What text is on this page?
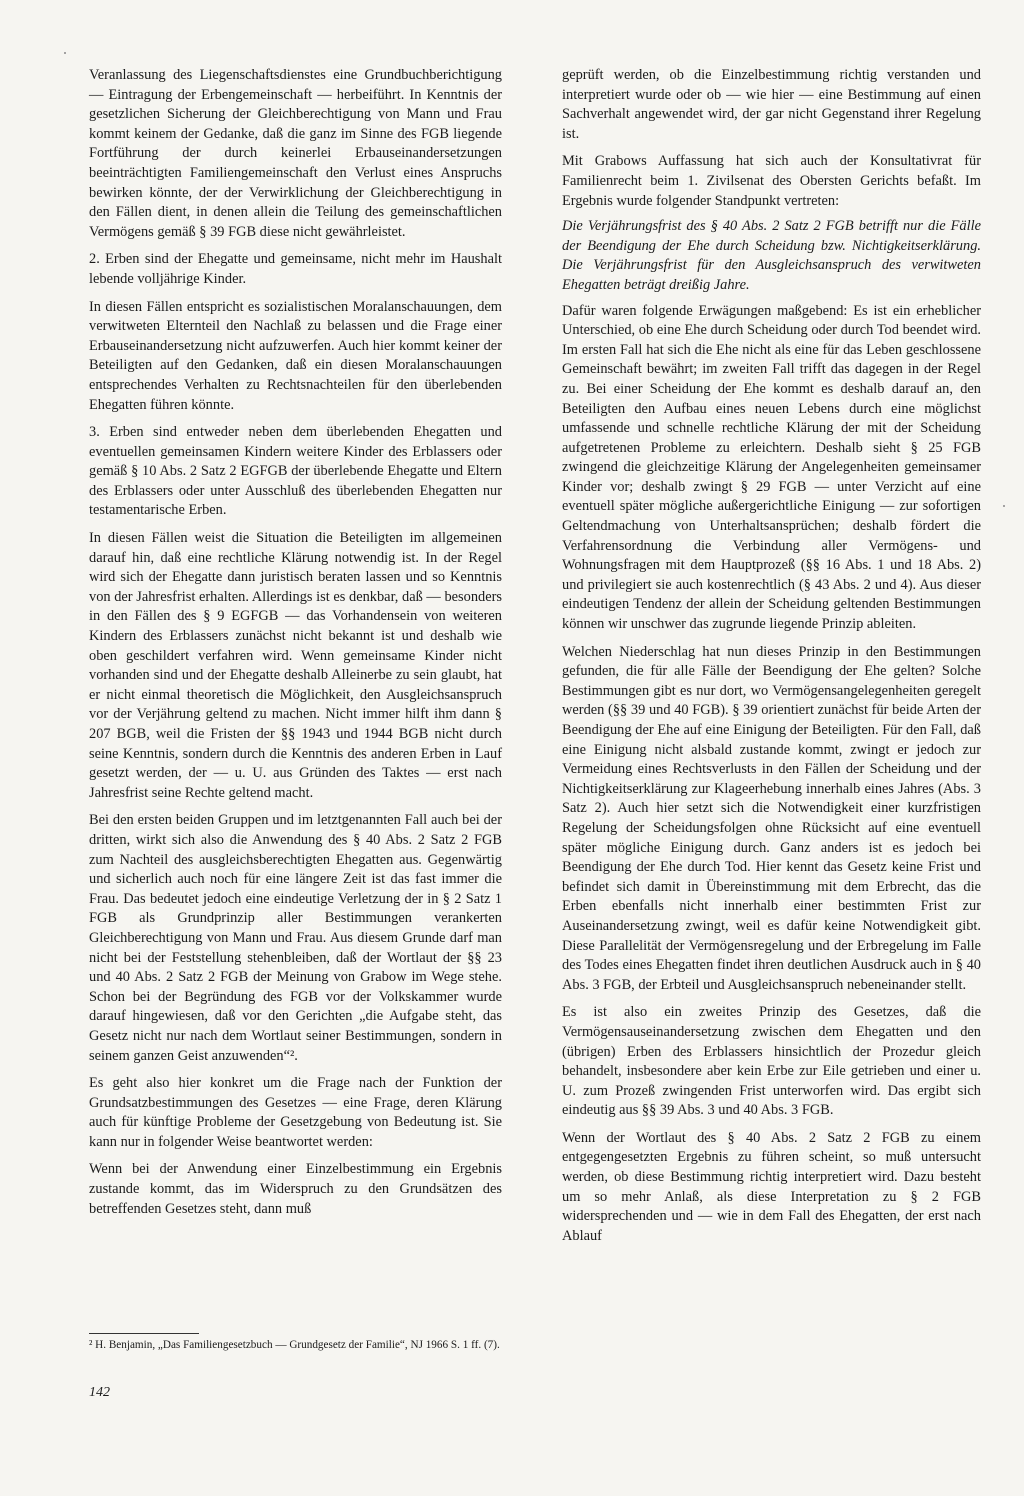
Veranlassung des Liegenschaftsdienstes eine Grundbuchberichtigung — Eintragung der Erbengemeinschaft — herbeiführt. In Kenntnis der gesetzlichen Sicherung der Gleichberechtigung von Mann und Frau kommt keinem der Gedanke, daß die ganz im Sinne des FGB liegende Fortführung der durch keinerlei Erbauseinandersetzungen beeinträchtigten Familiengemeinschaft den Verlust eines Anspruchs bewirken könnte, der der Verwirklichung der Gleichberechtigung in den Fällen dient, in denen allein die Teilung des gemeinschaftlichen Vermögens gemäß § 39 FGB diese nicht gewährleistet.

2. Erben sind der Ehegatte und gemeinsame, nicht mehr im Haushalt lebende volljährige Kinder.

In diesen Fällen entspricht es sozialistischen Moralanschauungen, dem verwitweten Elternteil den Nachlaß zu belassen und die Frage einer Erbauseinandersetzung nicht aufzuwerfen. Auch hier kommt keiner der Beteiligten auf den Gedanken, daß ein diesen Moralanschauungen entsprechendes Verhalten zu Rechtsnachteilen für den überlebenden Ehegatten führen könnte.

3. Erben sind entweder neben dem überlebenden Ehegatten und eventuellen gemeinsamen Kindern weitere Kinder des Erblassers oder gemäß § 10 Abs. 2 Satz 2 EGFGB der überlebende Ehegatte und Eltern des Erblassers oder unter Ausschluß des überlebenden Ehegatten nur testamentarische Erben.

In diesen Fällen weist die Situation die Beteiligten im allgemeinen darauf hin, daß eine rechtliche Klärung notwendig ist. In der Regel wird sich der Ehegatte dann juristisch beraten lassen und so Kenntnis von der Jahresfrist erhalten. Allerdings ist es denkbar, daß — besonders in den Fällen des § 9 EGFGB — das Vorhandensein von weiteren Kindern des Erblassers zunächst nicht bekannt ist und deshalb wie oben geschildert verfahren wird. Wenn gemeinsame Kinder nicht vorhanden sind und der Ehegatte deshalb Alleinerbe zu sein glaubt, hat er nicht einmal theoretisch die Möglichkeit, den Ausgleichsanspruch vor der Verjährung geltend zu machen. Nicht immer hilft ihm dann § 207 BGB, weil die Fristen der §§ 1943 und 1944 BGB nicht durch seine Kenntnis, sondern durch die Kenntnis des anderen Erben in Lauf gesetzt werden, der — u. U. aus Gründen des Taktes — erst nach Jahresfrist seine Rechte geltend macht.

Bei den ersten beiden Gruppen und im letztgenannten Fall auch bei der dritten, wirkt sich also die Anwendung des § 40 Abs. 2 Satz 2 FGB zum Nachteil des ausgleichsberechtigten Ehegatten aus. Gegenwärtig und sicherlich auch noch für eine längere Zeit ist das fast immer die Frau. Das bedeutet jedoch eine eindeutige Verletzung der in § 2 Satz 1 FGB als Grundprinzip aller Bestimmungen verankerten Gleichberechtigung von Mann und Frau. Aus diesem Grunde darf man nicht bei der Feststellung stehenbleiben, daß der Wortlaut der §§ 23 und 40 Abs. 2 Satz 2 FGB der Meinung von Grabow im Wege stehe. Schon bei der Begründung des FGB vor der Volkskammer wurde darauf hingewiesen, daß vor den Gerichten „die Aufgabe steht, das Gesetz nicht nur nach dem Wortlaut seiner Bestimmungen, sondern in seinem ganzen Geist anzuwenden“².

Es geht also hier konkret um die Frage nach der Funktion der Grundsatzbestimmungen des Gesetzes — eine Frage, deren Klärung auch für künftige Probleme der Gesetzgebung von Bedeutung ist. Sie kann nur in folgender Weise beantwortet werden:

Wenn bei der Anwendung einer Einzelbestimmung ein Ergebnis zustande kommt, das im Widerspruch zu den Grundsätzen des betreffenden Gesetzes steht, dann muß

geprüft werden, ob die Einzelbestimmung richtig verstanden und interpretiert wurde oder ob — wie hier — eine Bestimmung auf einen Sachverhalt angewendet wird, der gar nicht Gegenstand ihrer Regelung ist.

Mit Grabows Auffassung hat sich auch der Konsultativrat für Familienrecht beim 1. Zivilsenat des Obersten Gerichts befaßt. Im Ergebnis wurde folgender Standpunkt vertreten:

Die Verjährungsfrist des § 40 Abs. 2 Satz 2 FGB betrifft nur die Fälle der Beendigung der Ehe durch Scheidung bzw. Nichtigkeitserklärung. Die Verjährungsfrist für den Ausgleichsanspruch des verwitweten Ehegatten beträgt dreißig Jahre.

Dafür waren folgende Erwägungen maßgebend: Es ist ein erheblicher Unterschied, ob eine Ehe durch Scheidung oder durch Tod beendet wird. Im ersten Fall hat sich die Ehe nicht als eine für das Leben geschlossene Gemeinschaft bewährt; im zweiten Fall trifft das dagegen in der Regel zu. Bei einer Scheidung der Ehe kommt es deshalb darauf an, den Beteiligten den Aufbau eines neuen Lebens durch eine möglichst umfassende und schnelle rechtliche Klärung der mit der Scheidung aufgetretenen Probleme zu erleichtern. Deshalb sieht § 25 FGB zwingend die gleichzeitige Klärung der Angelegenheiten gemeinsamer Kinder vor; deshalb zwingt § 29 FGB — unter Verzicht auf eine eventuell später mögliche außergerichtliche Einigung — zur sofortigen Geltendmachung von Unterhaltsansprüchen; deshalb fördert die Verfahrensordnung die Verbindung aller Vermögens- und Wohnungsfragen mit dem Hauptprozeß (§§ 16 Abs. 1 und 18 Abs. 2) und privilegiert sie auch kostenrechtlich (§ 43 Abs. 2 und 4). Aus dieser eindeutigen Tendenz der allein der Scheidung geltenden Bestimmungen können wir unschwer das zugrunde liegende Prinzip ableiten.

Welchen Niederschlag hat nun dieses Prinzip in den Bestimmungen gefunden, die für alle Fälle der Beendigung der Ehe gelten? Solche Bestimmungen gibt es nur dort, wo Vermögensangelegenheiten geregelt werden (§§ 39 und 40 FGB). § 39 orientiert zunächst für beide Arten der Beendigung der Ehe auf eine Einigung der Beteiligten. Für den Fall, daß eine Einigung nicht alsbald zustande kommt, zwingt er jedoch zur Vermeidung eines Rechtsverlusts in den Fällen der Scheidung und der Nichtigkeitserklärung zur Klageerhebung innerhalb eines Jahres (Abs. 3 Satz 2). Auch hier setzt sich die Notwendigkeit einer kurzfristigen Regelung der Scheidungsfolgen ohne Rücksicht auf eine eventuell später mögliche Einigung durch. Ganz anders ist es jedoch bei Beendigung der Ehe durch Tod. Hier kennt das Gesetz keine Frist und befindet sich damit in Übereinstimmung mit dem Erbrecht, das die Erben ebenfalls nicht innerhalb einer bestimmten Frist zur Auseinandersetzung zwingt, weil es dafür keine Notwendigkeit gibt. Diese Parallelität der Vermögensregelung und der Erbregelung im Falle des Todes eines Ehegatten findet ihren deutlichen Ausdruck auch in § 40 Abs. 3 FGB, der Erbteil und Ausgleichsanspruch nebeneinander stellt.

Es ist also ein zweites Prinzip des Gesetzes, daß die Vermögensauseinandersetzung zwischen dem Ehegatten und den (übrigen) Erben des Erblassers hinsichtlich der Prozedur gleich behandelt, insbesondere aber kein Erbe zur Eile getrieben und einer u. U. zum Prozeß zwingenden Frist unterworfen wird. Das ergibt sich eindeutig aus §§ 39 Abs. 3 und 40 Abs. 3 FGB.

Wenn der Wortlaut des § 40 Abs. 2 Satz 2 FGB zu einem entgegengesetzten Ergebnis zu führen scheint, so muß untersucht werden, ob diese Bestimmung richtig interpretiert wird. Dazu besteht um so mehr Anlaß, als diese Interpretation zu § 2 FGB widersprechenden und — wie in dem Fall des Ehegatten, der erst nach Ablauf

² H. Benjamin, „Das Familiengesetzbuch — Grundgesetz der Familie“, NJ 1966 S. 1 ff. (7).
142
